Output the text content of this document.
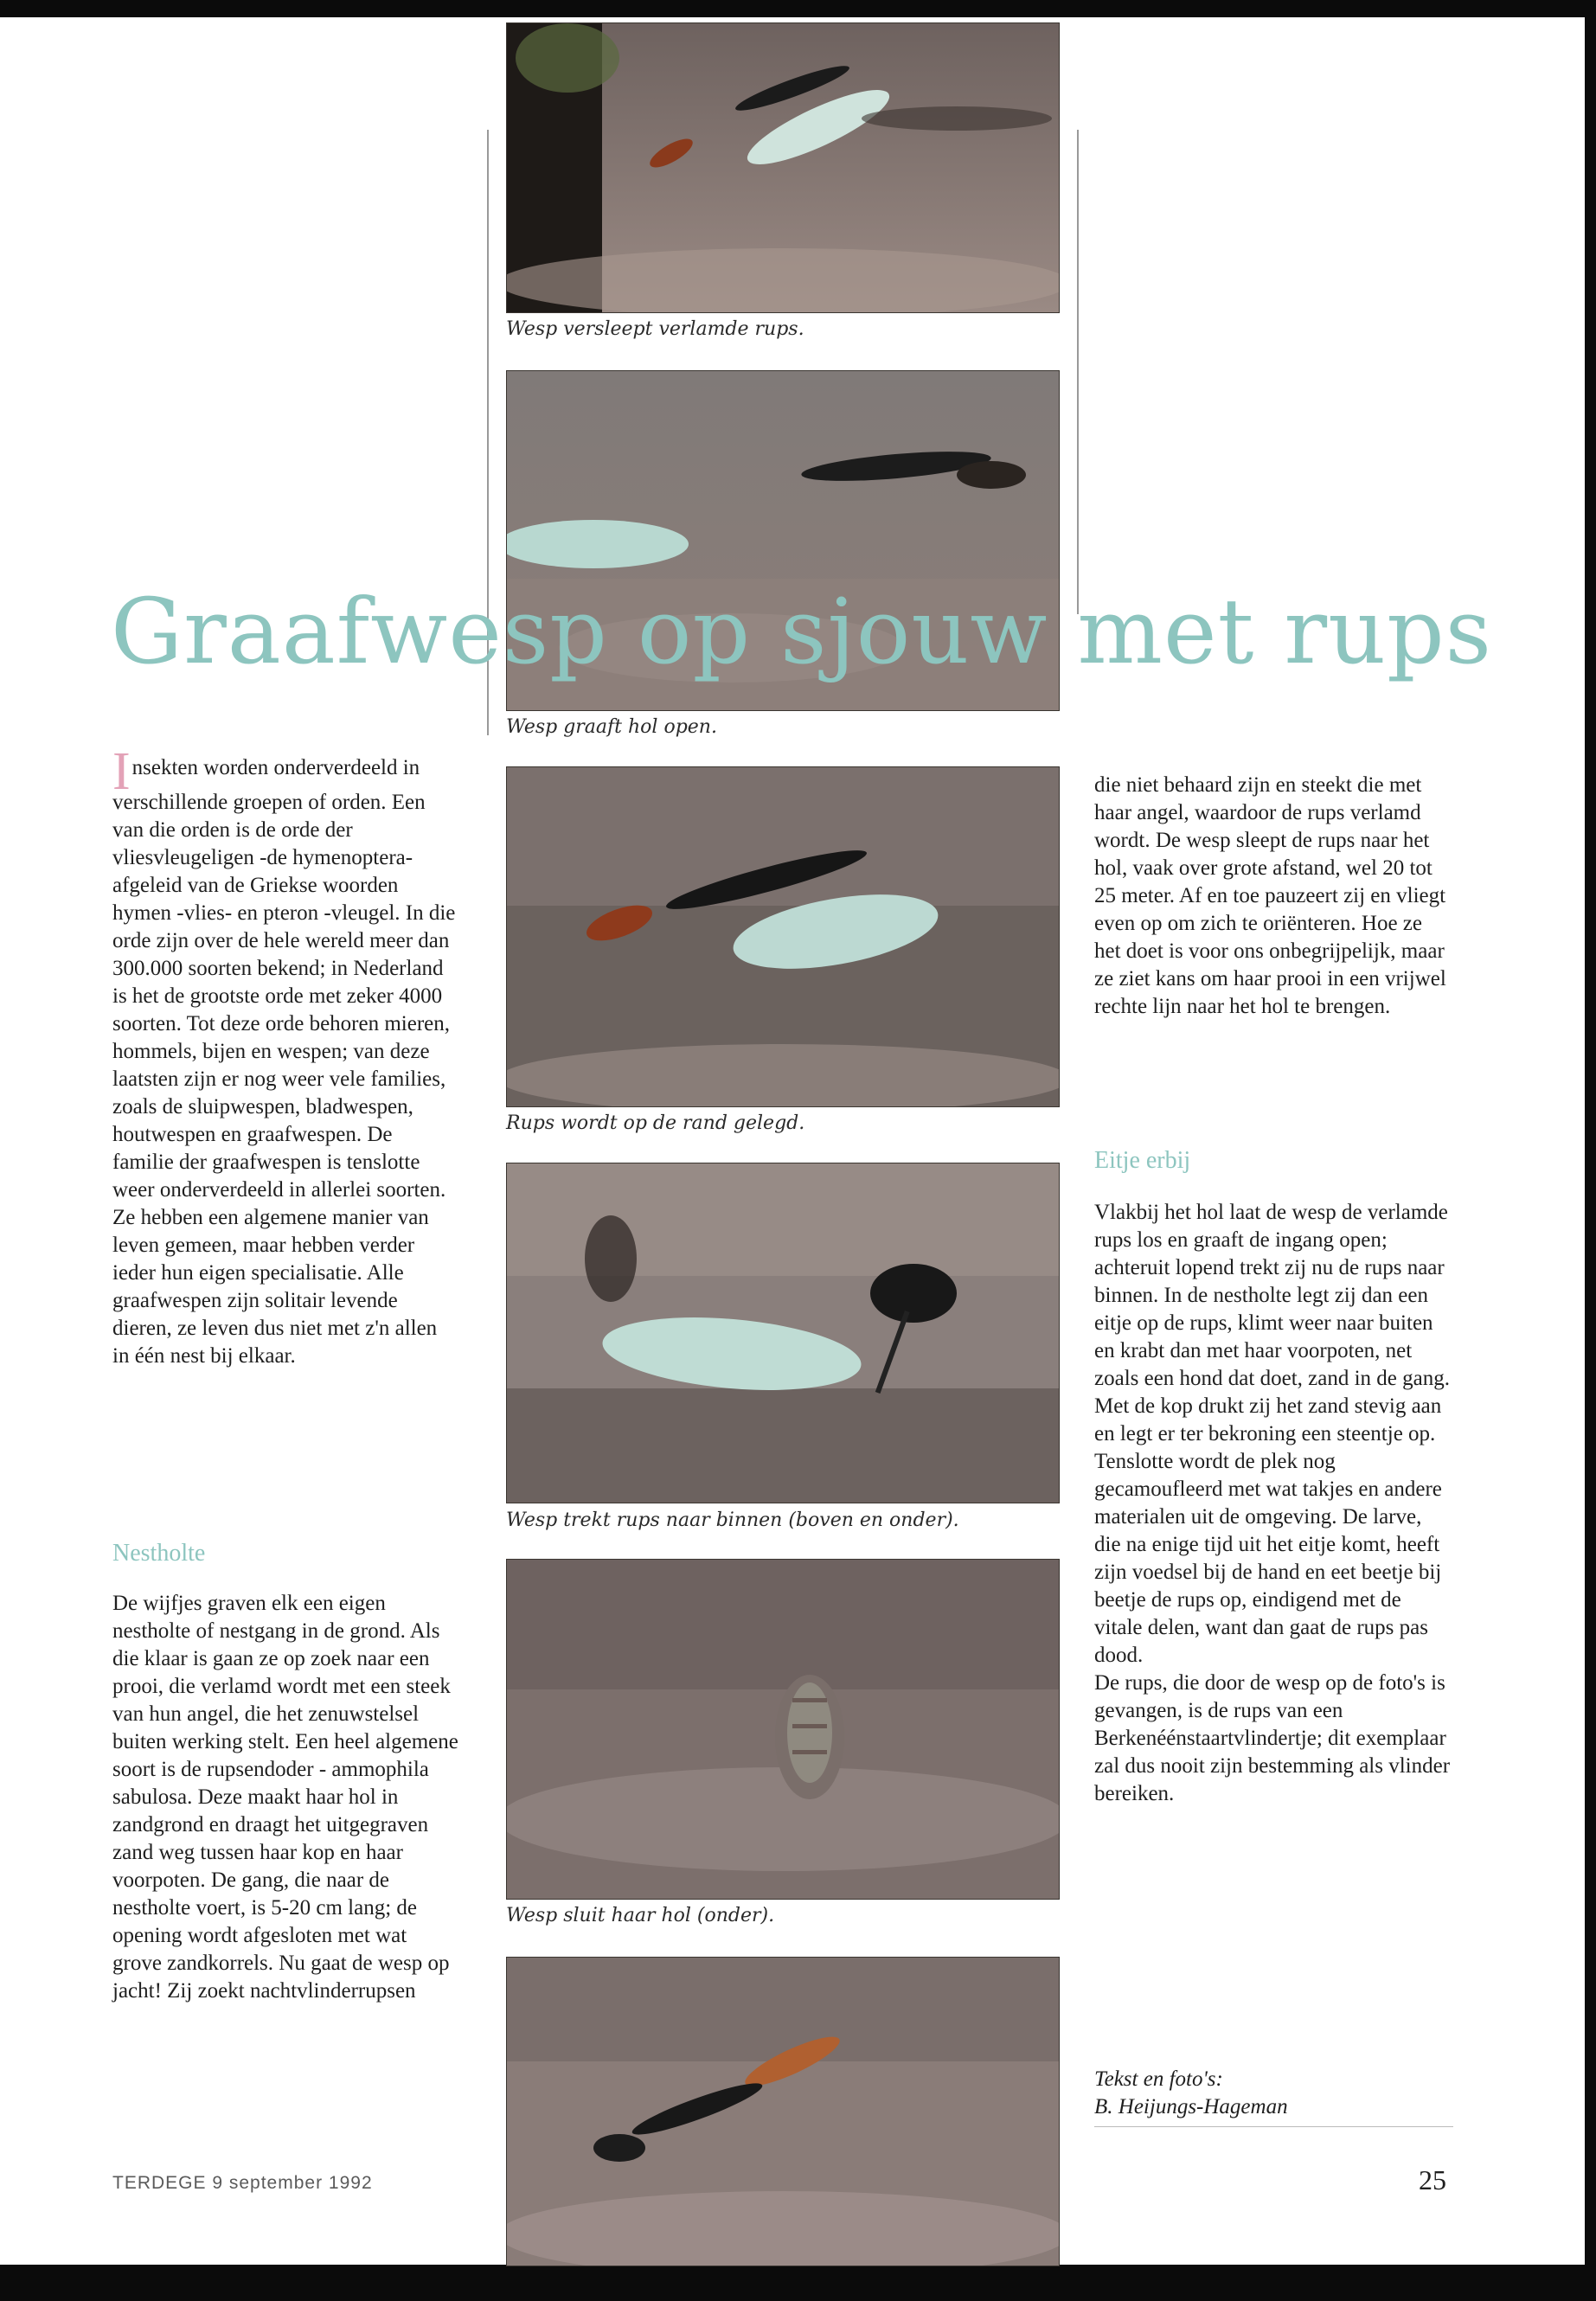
Wesp versleept verlamde rups.
Graafwesp op sjouw met rups
Wesp graaft hol open.
Rups wordt op de rand gelegd.
Wesp trekt rups naar binnen (boven en onder).
Wesp sluit haar hol (onder).

Insekten worden onderverdeeld in verschillende groepen of orden. Een van die orden is de orde der vliesvleugeligen -de hymenoptera- afgeleid van de Griekse woorden hymen -vlies- en pteron -vleugel. In die orde zijn over de hele wereld meer dan 300.000 soorten bekend; in Nederland is het de grootste orde met zeker 4000 soorten. Tot deze orde behoren mieren, hommels, bijen en wespen; van deze laatsten zijn er nog weer vele families, zoals de sluipwespen, bladwespen, houtwespen en graafwespen. De familie der graafwespen is tenslotte weer onderverdeeld in allerlei soorten. Ze hebben een algemene manier van leven gemeen, maar hebben verder ieder hun eigen specialisatie. Alle graafwespen zijn solitair levende dieren, ze leven dus niet met z'n allen in één nest bij elkaar.

Nestholte

De wijfjes graven elk een eigen nestholte of nestgang in de grond. Als die klaar is gaan ze op zoek naar een prooi, die verlamd wordt met een steek van hun angel, die het zenuwstelsel buiten werking stelt. Een heel algemene soort is de rupsendoder - ammophila sabulosa. Deze maakt haar hol in zandgrond en draagt het uitgegraven zand weg tussen haar kop en haar voorpoten. De gang, die naar de nestholte voert, is 5-20 cm lang; de opening wordt afgesloten met wat grove zandkorrels. Nu gaat de wesp op jacht! Zij zoekt nachtvlinderrupsen
die niet behaard zijn en steekt die met haar angel, waardoor de rups verlamd wordt. De wesp sleept de rups naar het hol, vaak over grote afstand, wel 20 tot 25 meter. Af en toe pauzeert zij en vliegt even op om zich te oriënteren. Hoe ze het doet is voor ons onbegrijpelijk, maar ze ziet kans om haar prooi in een vrijwel rechte lijn naar het hol te brengen.

Eitje erbij

Vlakbij het hol laat de wesp de verlamde rups los en graaft de ingang open; achteruit lopend trekt zij nu de rups naar binnen. In de nestholte legt zij dan een eitje op de rups, klimt weer naar buiten en krabt dan met haar voorpoten, net zoals een hond dat doet, zand in de gang. Met de kop drukt zij het zand stevig aan en legt er ter bekroning een steentje op. Tenslotte wordt de plek nog gecamoufleerd met wat takjes en andere materialen uit de omgeving. De larve, die na enige tijd uit het eitje komt, heeft zijn voedsel bij de hand en eet beetje bij beetje de rups op, eindigend met de vitale delen, want dan gaat de rups pas dood.
De rups, die door de wesp op de foto's is gevangen, is de rups van een Berkenéénstaartvlindertje; dit exemplaar zal dus nooit zijn bestemming als vlinder bereiken.
Tekst en foto's:
B. Heijungs-Hageman
TERDEGE 9 september 1992	25
